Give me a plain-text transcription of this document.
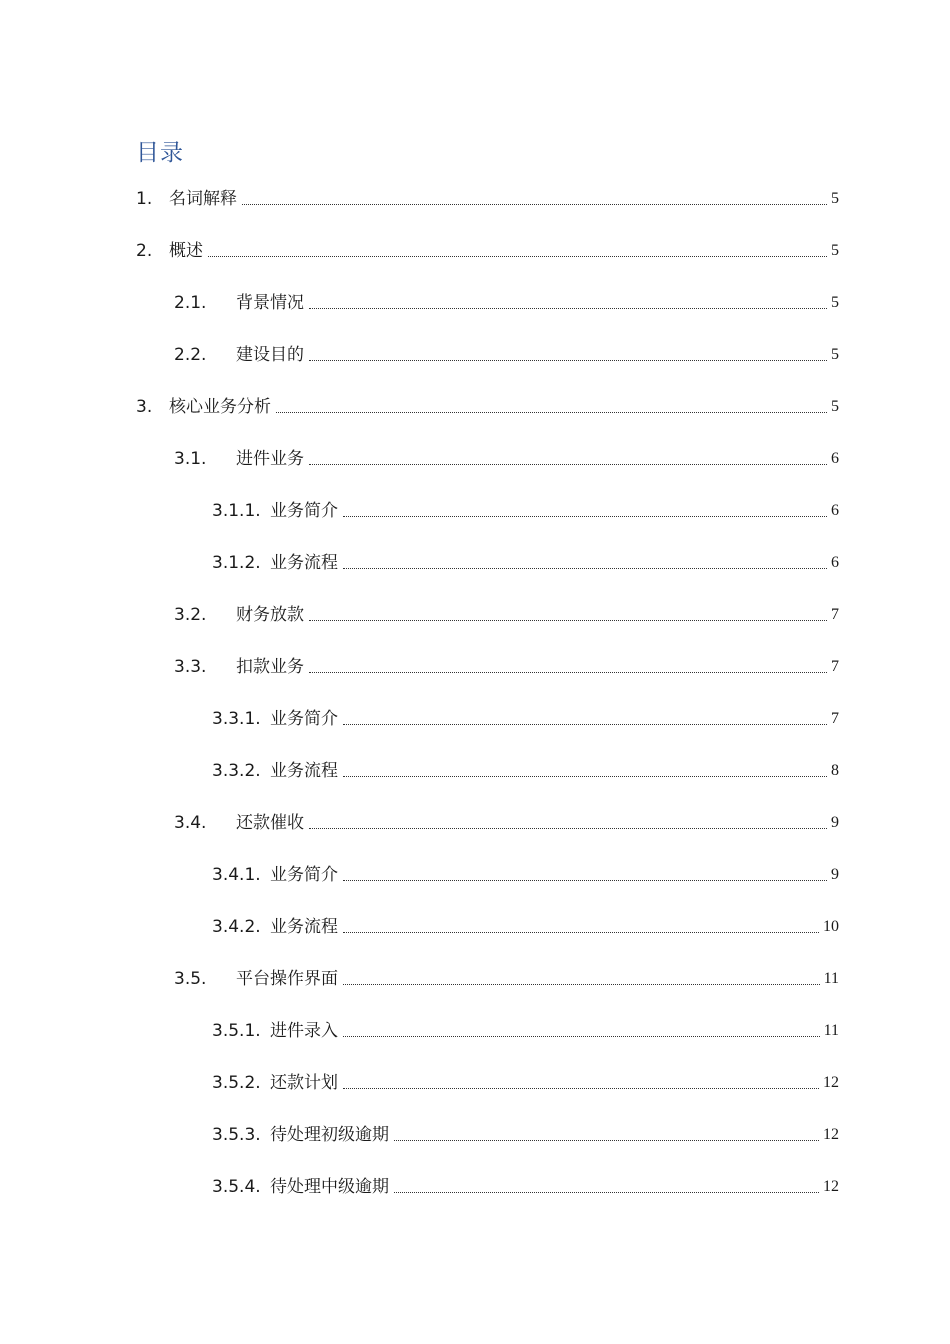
目录
1. 名词解释	5
2. 概述	5
2.1.	背景情况	5
2.2.	建设目的	5
3. 核心业务分析	5
3.1.	进件业务	6
3.1.1. 业务简介	6
3.1.2. 业务流程	6
3.2.	财务放款	7
3.3.	扣款业务	7
3.3.1. 业务简介	7
3.3.2. 业务流程	8
3.4.	还款催收	9
3.4.1. 业务简介	9
3.4.2. 业务流程	10
3.5.	平台操作界面	11
3.5.1. 进件录入	11
3.5.2. 还款计划	12
3.5.3. 待处理初级逾期	12
3.5.4. 待处理中级逾期	12
